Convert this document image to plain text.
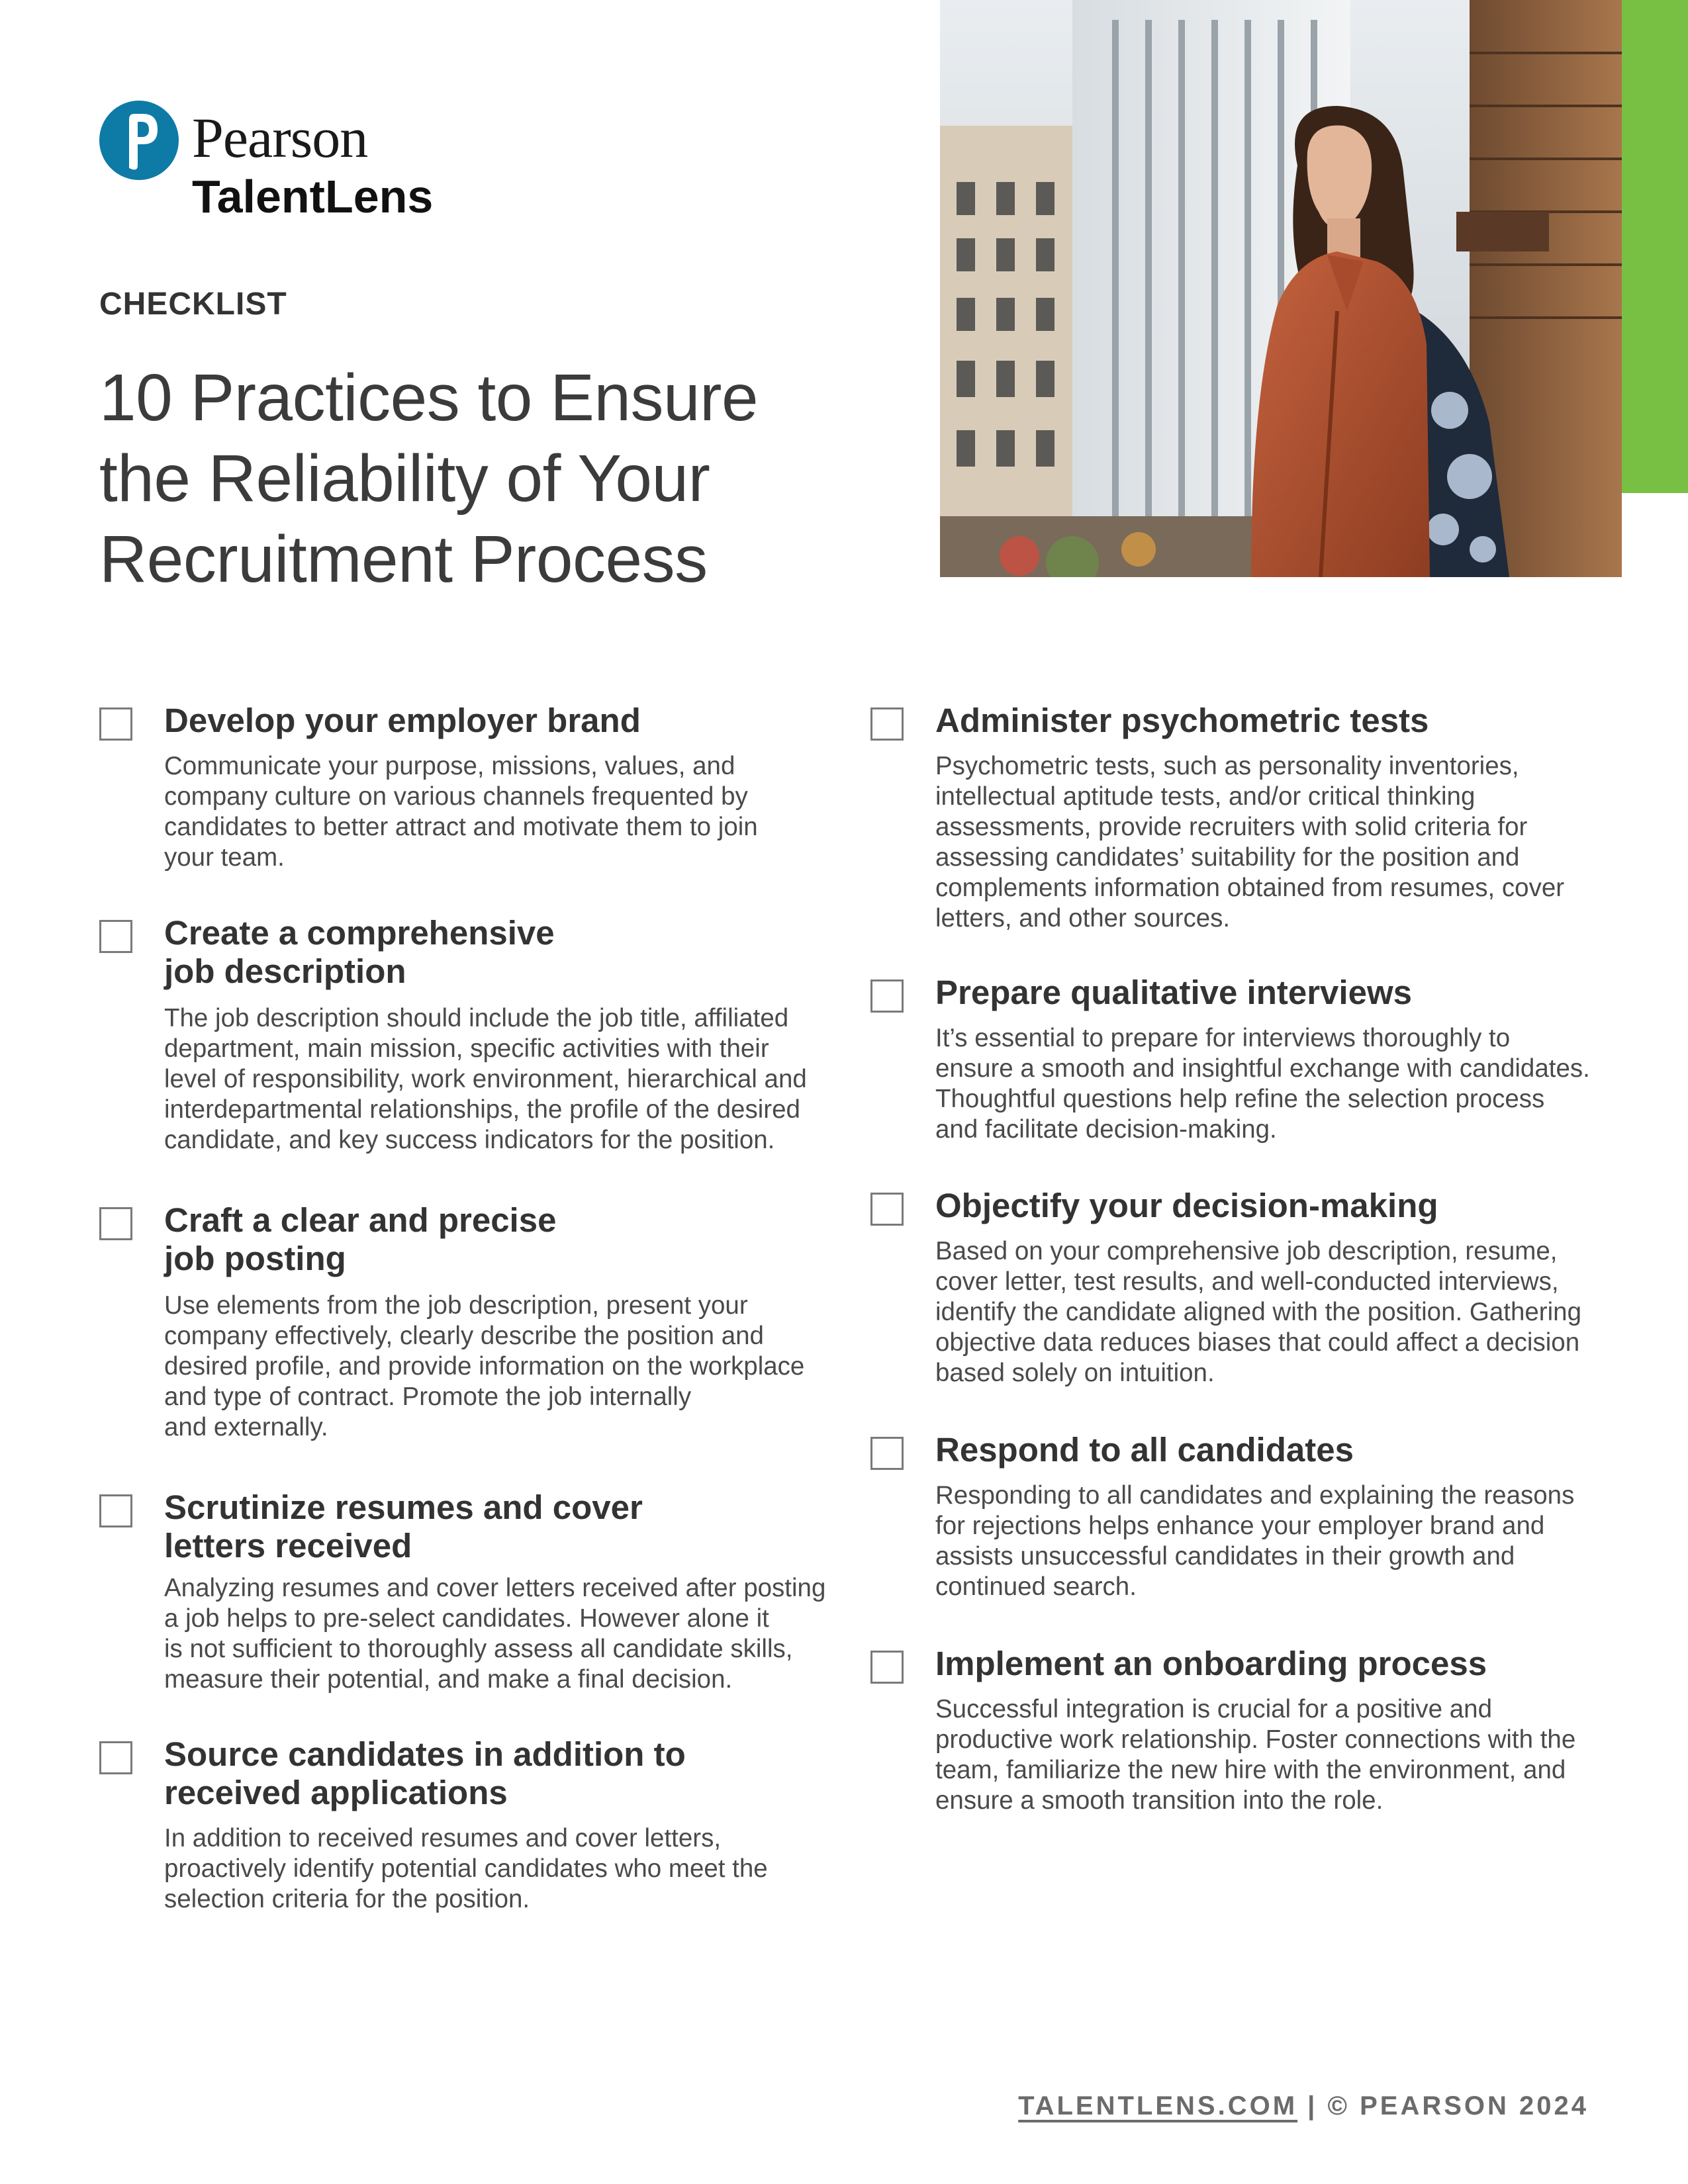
Pearson
TalentLens
CHECKLIST
10 Practices to Ensure
the Reliability of Your
Recruitment Process
Develop your employer brand

Communicate your purpose, missions, values, and
company culture on various channels frequented by
candidates to better attract and motivate them to join
your team.

Create a comprehensive
job description

The job description should include the job title, affiliated
department, main mission, specific activities with their
level of responsibility, work environment, hierarchical and
interdepartmental relationships, the profile of the desired
candidate, and key success indicators for the position.

Craft a clear and precise
job posting

Use elements from the job description, present your
company effectively, clearly describe the position and
desired profile, and provide information on the workplace
and type of contract. Promote the job internally
and externally.

Scrutinize resumes and cover
letters received

Analyzing resumes and cover letters received after posting
a job helps to pre-select candidates. However alone it
is not sufficient to thoroughly assess all candidate skills,
measure their potential, and make a final decision.

Source candidates in addition to
received applications

In addition to received resumes and cover letters,
proactively identify potential candidates who meet the
selection criteria for the position.

Administer psychometric tests

Psychometric tests, such as personality inventories,
intellectual aptitude tests, and/or critical thinking
assessments, provide recruiters with solid criteria for
assessing candidates’ suitability for the position and
complements information obtained from resumes, cover
letters, and other sources.

Prepare qualitative interviews

It’s essential to prepare for interviews thoroughly to
ensure a smooth and insightful exchange with candidates.
Thoughtful questions help refine the selection process
and facilitate decision-making.

Objectify your decision-making

Based on your comprehensive job description, resume,
cover letter, test results, and well-conducted interviews,
identify the candidate aligned with the position. Gathering
objective data reduces biases that could affect a decision
based solely on intuition.

Respond to all candidates

Responding to all candidates and explaining the reasons
for rejections helps enhance your employer brand and
assists unsuccessful candidates in their growth and
continued search.

Implement an onboarding process

Successful integration is crucial for a positive and
productive work relationship. Foster connections with the
team, familiarize the new hire with the environment, and
ensure a smooth transition into the role.

TALENTLENS.COM | © PEARSON 2024
